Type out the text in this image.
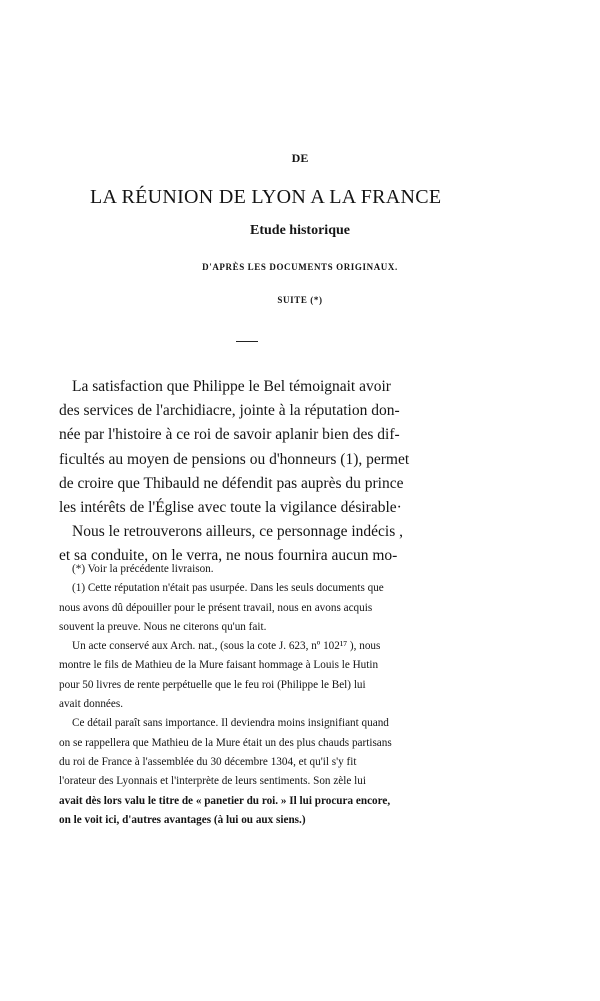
DE

LA RÉUNION DE LYON A LA FRANCE

Etude historique

D'APRÈS LES DOCUMENTS ORIGINAUX.

SUITE (*)

La satisfaction que Philippe le Bel témoignait avoir
des services de l'archidiacre, jointe à la réputation don-
née par l'histoire à ce roi de savoir aplanir bien des dif-
ficultés au moyen de pensions ou d'honneurs (1), permet
de croire que Thibauld ne défendit pas auprès du prince
les intérêts de l'Église avec toute la vigilance désirable·
Nous le retrouverons ailleurs, ce personnage indécis ,
et sa conduite, on le verra, ne nous fournira aucun mo-
(*) Voir la précédente livraison.
(1) Cette réputation n'était pas usurpée. Dans les seuls documents que
nous avons dû dépouiller pour le présent travail, nous en avons acquis
souvent la preuve. Nous ne citerons qu'un fait.
Un acte conservé aux Arch. nat., (sous la cote J. 623, nº 102¹⁷ ), nous
montre le fils de Mathieu de la Mure faisant hommage à Louis le Hutin
pour 50 livres de rente perpétuelle que le feu roi (Philippe le Bel) lui
avait données.
Ce détail paraît sans importance. Il deviendra moins insignifiant quand
on se rappellera que Mathieu de la Mure était un des plus chauds partisans
du roi de France à l'assemblée du 30 décembre 1304, et qu'il s'y fit
l'orateur des Lyonnais et l'interprète de leurs sentiments. Son zèle lui
avait dès lors valu le titre de « panetier du roi. » Il lui procura encore,
on le voit ici, d'autres avantages (à lui ou aux siens.)
